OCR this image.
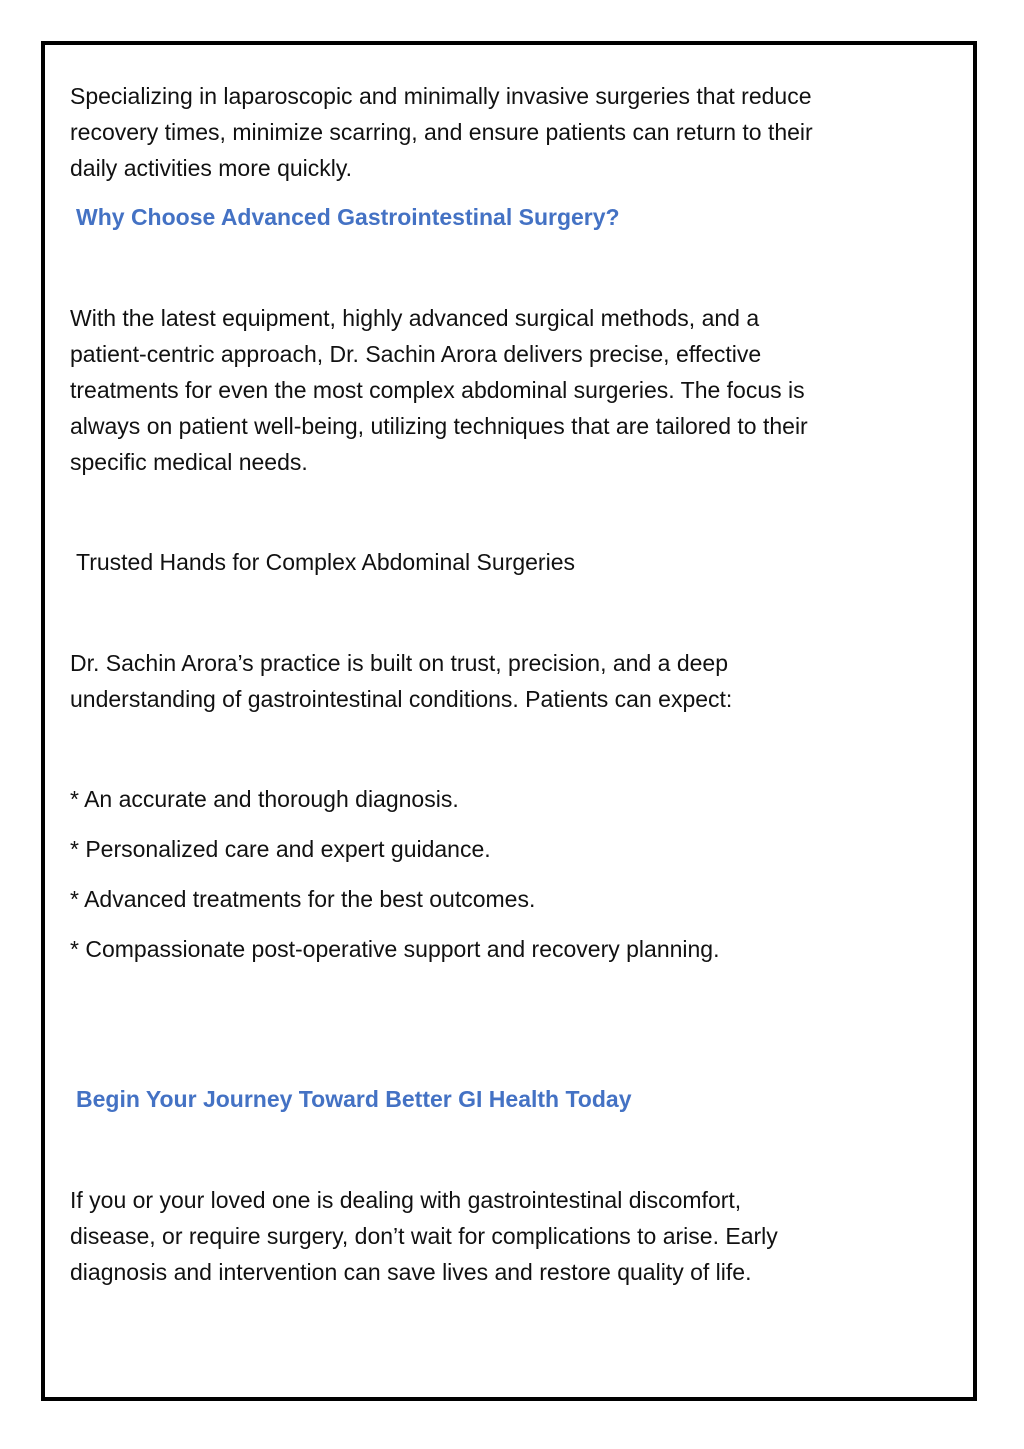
Specializing in laparoscopic and minimally invasive surgeries that reduce
recovery times, minimize scarring, and ensure patients can return to their
daily activities more quickly.

Why Choose Advanced Gastrointestinal Surgery?

With the latest equipment, highly advanced surgical methods, and a
patient-centric approach, Dr. Sachin Arora delivers precise, effective
treatments for even the most complex abdominal surgeries. The focus is
always on patient well-being, utilizing techniques that are tailored to their
specific medical needs.

Trusted Hands for Complex Abdominal Surgeries

Dr. Sachin Arora’s practice is built on trust, precision, and a deep
understanding of gastrointestinal conditions. Patients can expect:

* An accurate and thorough diagnosis.

* Personalized care and expert guidance.

* Advanced treatments for the best outcomes.

* Compassionate post-operative support and recovery planning.

Begin Your Journey Toward Better GI Health Today

If you or your loved one is dealing with gastrointestinal discomfort,
disease, or require surgery, don’t wait for complications to arise. Early
diagnosis and intervention can save lives and restore quality of life.
